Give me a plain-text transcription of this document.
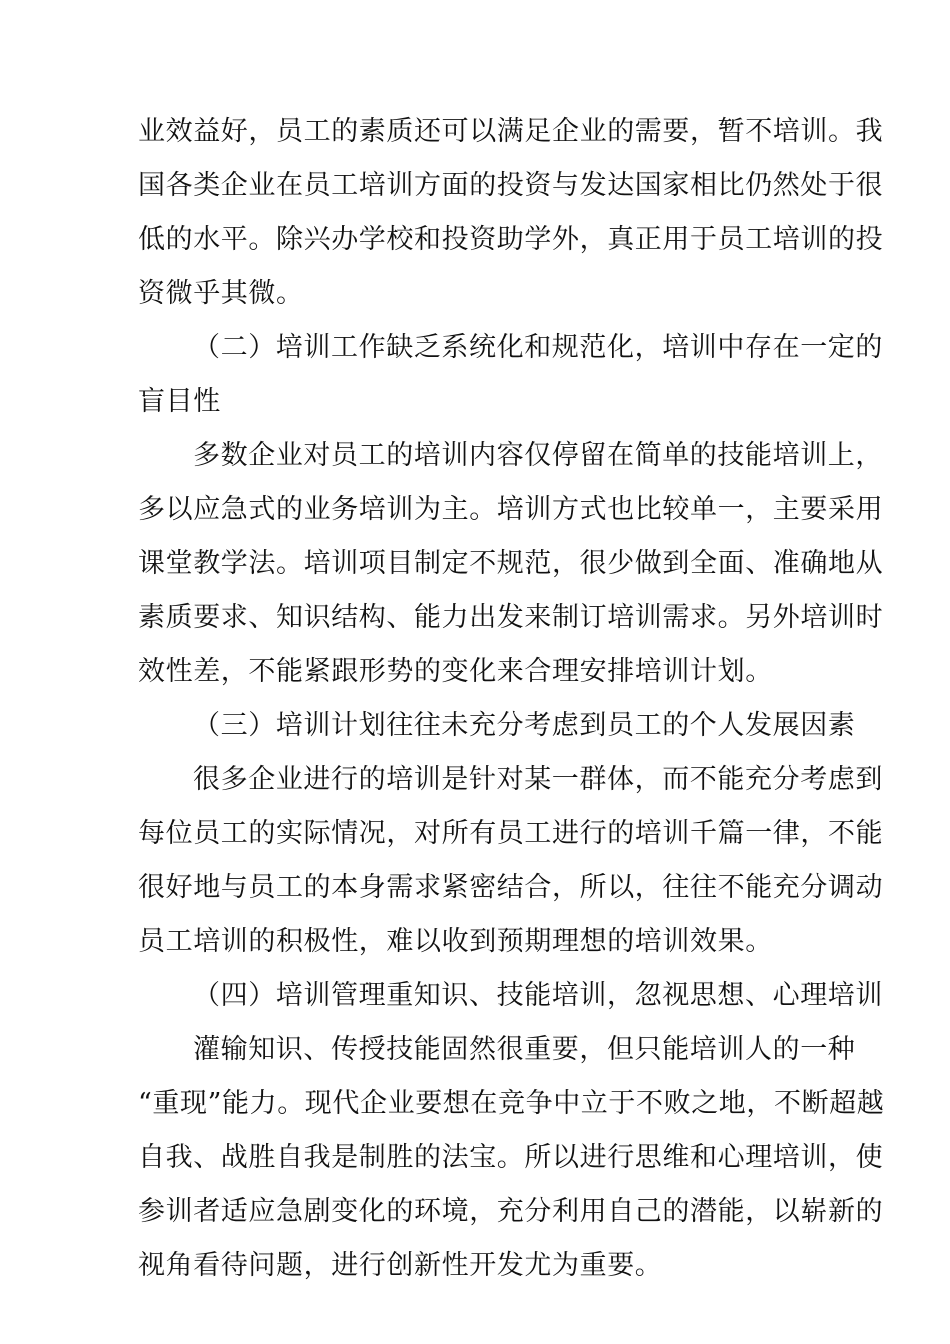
业效益好，员工的素质还可以满足企业的需要，暂不培训。我
国各类企业在员工培训方面的投资与发达国家相比仍然处于很
低的水平。除兴办学校和投资助学外，真正用于员工培训的投
资微乎其微。
（二）培训工作缺乏系统化和规范化，培训中存在一定的
盲目性
多数企业对员工的培训内容仅停留在简单的技能培训上，
多以应急式的业务培训为主。培训方式也比较单一，主要采用
课堂教学法。培训项目制定不规范，很少做到全面、准确地从
素质要求、知识结构、能力出发来制订培训需求。另外培训时
效性差，不能紧跟形势的变化来合理安排培训计划。
（三）培训计划往往未充分考虑到员工的个人发展因素
很多企业进行的培训是针对某一群体，而不能充分考虑到
每位员工的实际情况，对所有员工进行的培训千篇一律，不能
很好地与员工的本身需求紧密结合，所以，往往不能充分调动
员工培训的积极性，难以收到预期理想的培训效果。
（四）培训管理重知识、技能培训，忽视思想、心理培训
灌输知识、传授技能固然很重要，但只能培训人的一种
“重现”能力。现代企业要想在竞争中立于不败之地，不断超越
自我、战胜自我是制胜的法宝。所以进行思维和心理培训，使
参训者适应急剧变化的环境，充分利用自己的潜能，以崭新的
视角看待问题，进行创新性开发尤为重要。
